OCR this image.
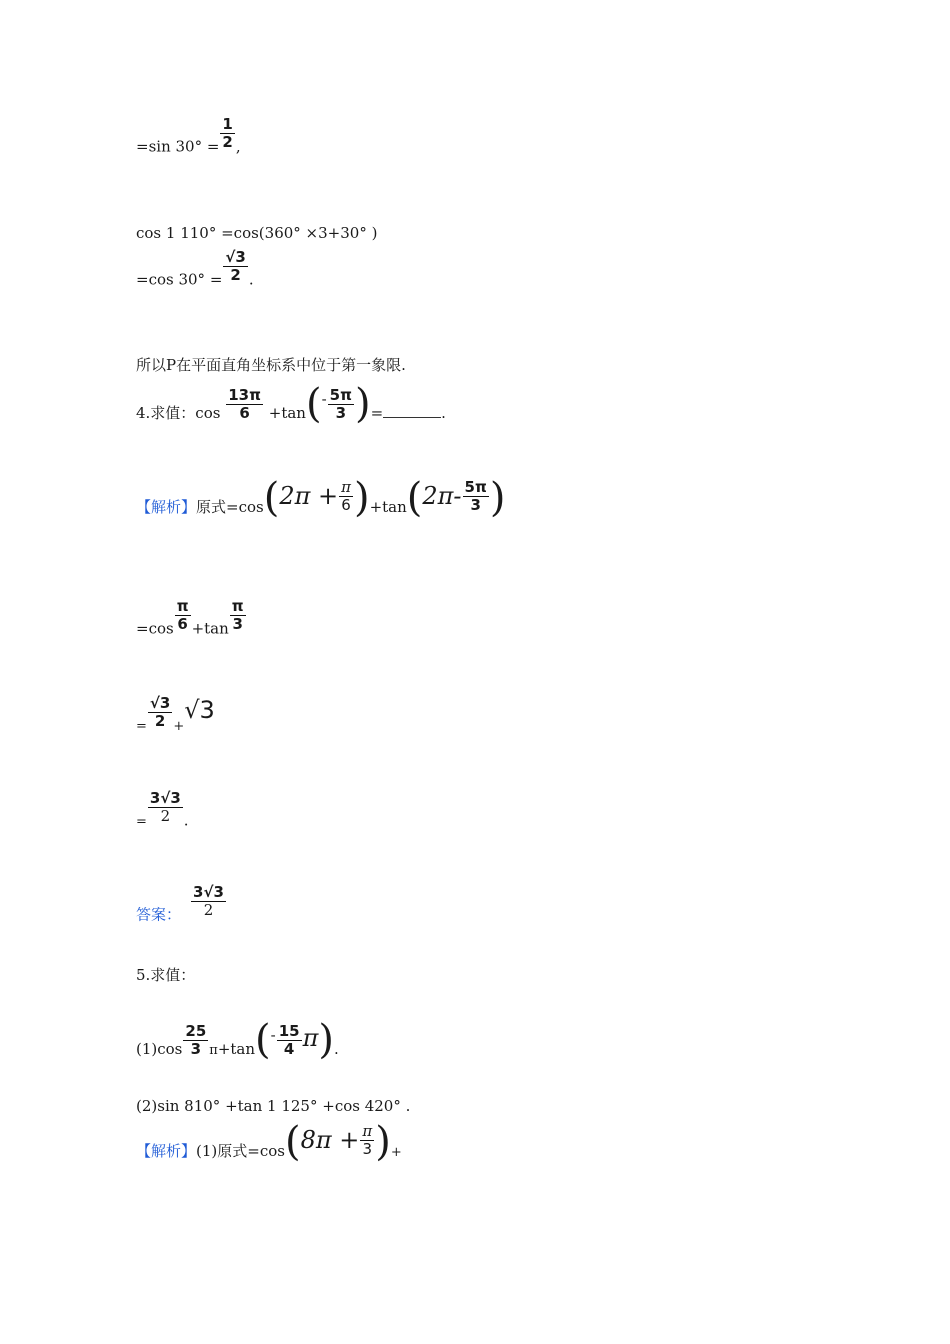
=sin $30^\circ = \frac{1}{2}$ ,
cos 1 110° =cos(360° ×3+30° )
=cos $30^\circ = \frac{√3}{2}$ .
所以P在平面直角坐标系中位于第一象限.
4.求值：$\cos \frac{13\pi}{6} +\tan(- \frac{5\pi}{3}$ )=	.
【解析】原式$=\cos(2\pi + \frac{\pi}{6} )+\tan(2\pi- \frac{5\pi}{3}$ )
$=\cos \frac{\pi}{6} +\tan \frac{\pi}{3}$
= $\frac{√3}{2} +√3$
= $\frac{3√3}{2}$ .
答案： $\frac{3√3}{2}$
5.求值：
$(1)\cos \frac{25}{3} \pi+\tan(- \frac{15}{4} \pi)$.
(2)sin 810° +tan 1 125° +cos 420° .
【解析】(1)原式$=\cos(8\pi + \frac{\pi}{3}$ )+
